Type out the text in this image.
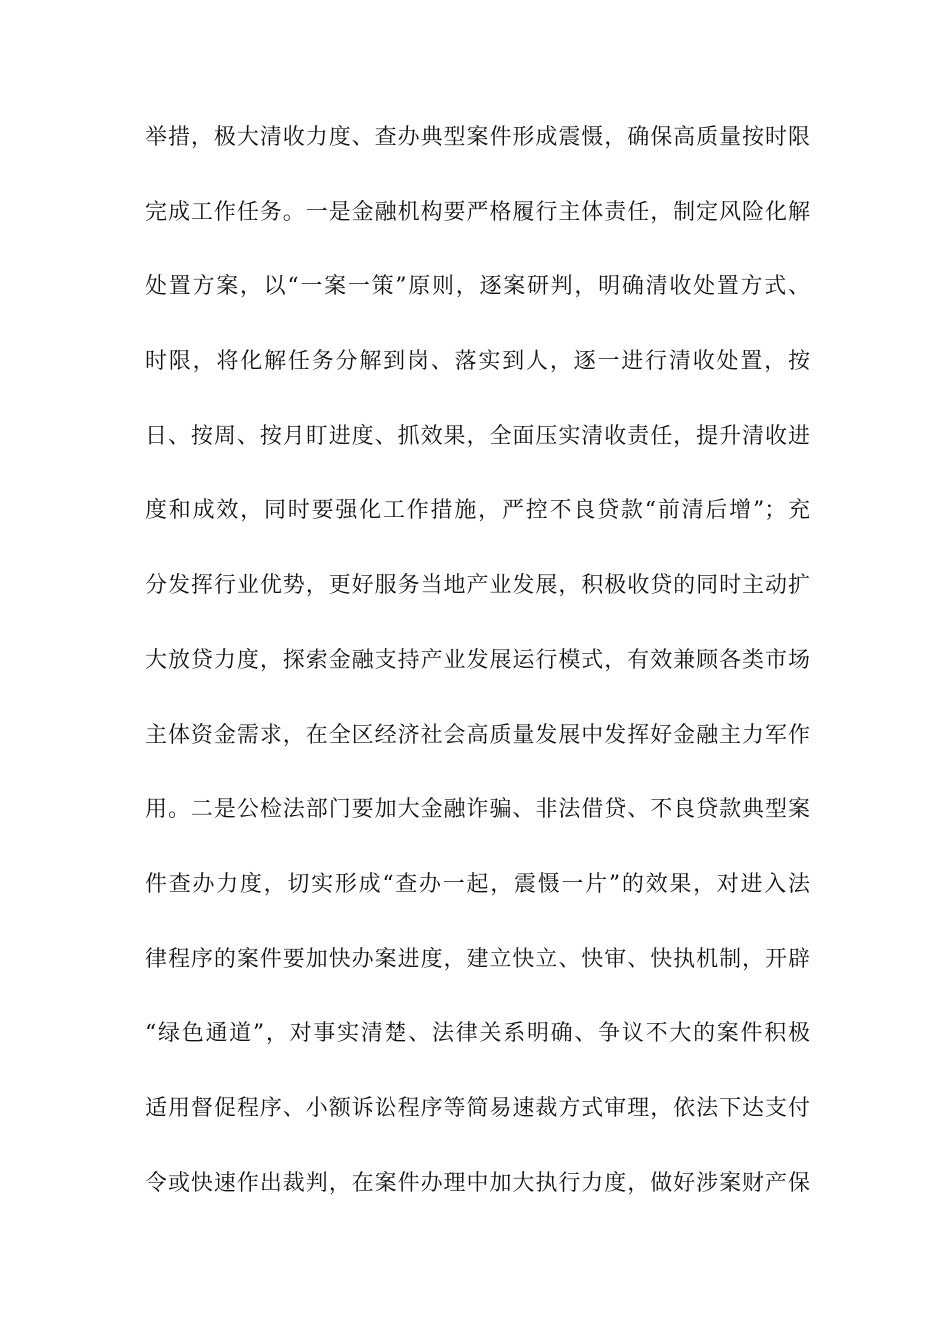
举措，极大清收力度、查办典型案件形成震慑，确保高质量按时限
完成工作任务。一是金融机构要严格履行主体责任，制定风险化解
处置方案，以“一案一策”原则，逐案研判，明确清收处置方式、
时限，将化解任务分解到岗、落实到人，逐一进行清收处置，按
日、按周、按月盯进度、抓效果，全面压实清收责任，提升清收进
度和成效，同时要强化工作措施，严控不良贷款“前清后增”；充
分发挥行业优势，更好服务当地产业发展，积极收贷的同时主动扩
大放贷力度，探索金融支持产业发展运行模式，有效兼顾各类市场
主体资金需求，在全区经济社会高质量发展中发挥好金融主力军作
用。二是公检法部门要加大金融诈骗、非法借贷、不良贷款典型案
件查办力度，切实形成“查办一起，震慑一片”的效果，对进入法
律程序的案件要加快办案进度，建立快立、快审、快执机制，开辟
“绿色通道”，对事实清楚、法律关系明确、争议不大的案件积极
适用督促程序、小额诉讼程序等简易速裁方式审理，依法下达支付
令或快速作出裁判，在案件办理中加大执行力度，做好涉案财产保
